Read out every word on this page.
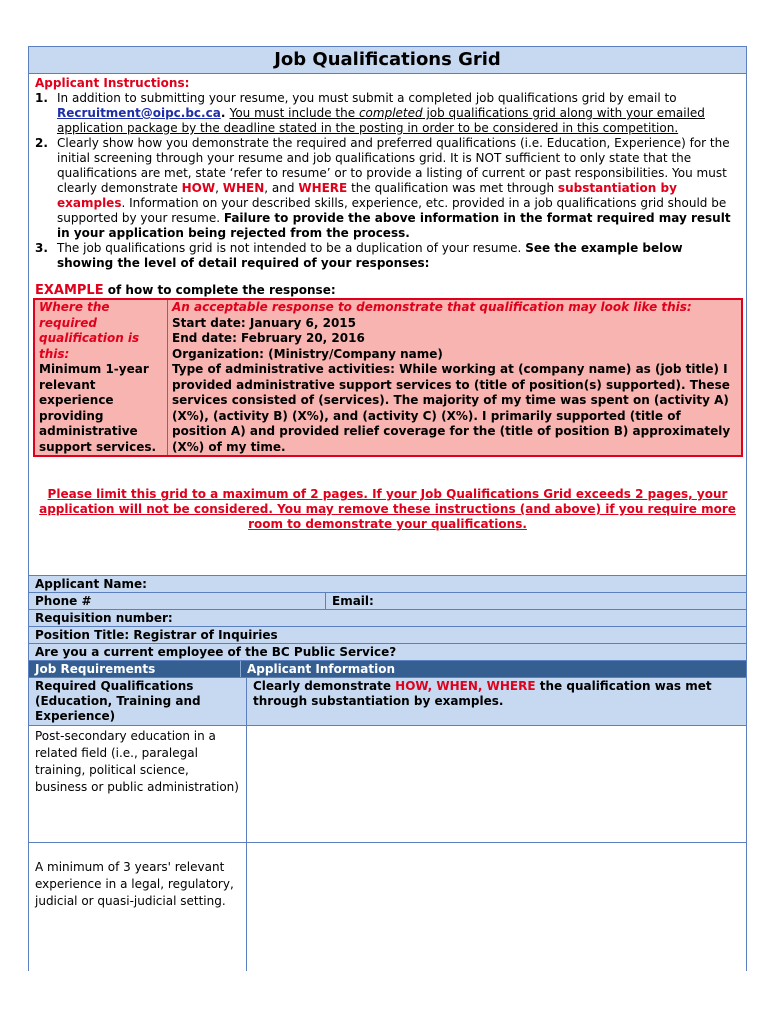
Job Qualifications Grid
Applicant Instructions:
1. In addition to submitting your resume, you must submit a completed job qualifications grid by email to Recruitment@oipc.bc.ca. You must include the completed job qualifications grid along with your emailed application package by the deadline stated in the posting in order to be considered in this competition.
2. Clearly show how you demonstrate the required and preferred qualifications (i.e. Education, Experience) for the initial screening through your resume and job qualifications grid. It is NOT sufficient to only state that the qualifications are met, state ‘refer to resume’ or to provide a listing of current or past responsibilities. You must clearly demonstrate HOW, WHEN, and WHERE the qualification was met through substantiation by examples. Information on your described skills, experience, etc. provided in a job qualifications grid should be supported by your resume. Failure to provide the above information in the format required may result in your application being rejected from the process.
3. The job qualifications grid is not intended to be a duplication of your resume. See the example below showing the level of detail required of your responses:
EXAMPLE of how to complete the response:
Where the required qualification is this:
Minimum 1-year relevant experience providing administrative support services.
An acceptable response to demonstrate that qualification may look like this:
Start date: January 6, 2015
End date: February 20, 2016
Organization: (Ministry/Company name)
Type of administrative activities: While working at (company name) as (job title) I provided administrative support services to (title of position(s) supported). These services consisted of (services). The majority of my time was spent on (activity A) (X%), (activity B) (X%), and (activity C) (X%). I primarily supported (title of position A) and provided relief coverage for the (title of position B) approximately (X%) of my time.
Please limit this grid to a maximum of 2 pages. If your Job Qualifications Grid exceeds 2 pages, your application will not be considered. You may remove these instructions (and above) if you require more room to demonstrate your qualifications.
Applicant Name:
Phone #	Email:
Requisition number:
Position Title: Registrar of Inquiries
Are you a current employee of the BC Public Service?
Job Requirements	Applicant Information
Required Qualifications (Education, Training and Experience)
Clearly demonstrate HOW, WHEN, WHERE the qualification was met through substantiation by examples.
Post-secondary education in a related field (i.e., paralegal training, political science, business or public administration)
A minimum of 3 years' relevant experience in a legal, regulatory, judicial or quasi-judicial setting.
